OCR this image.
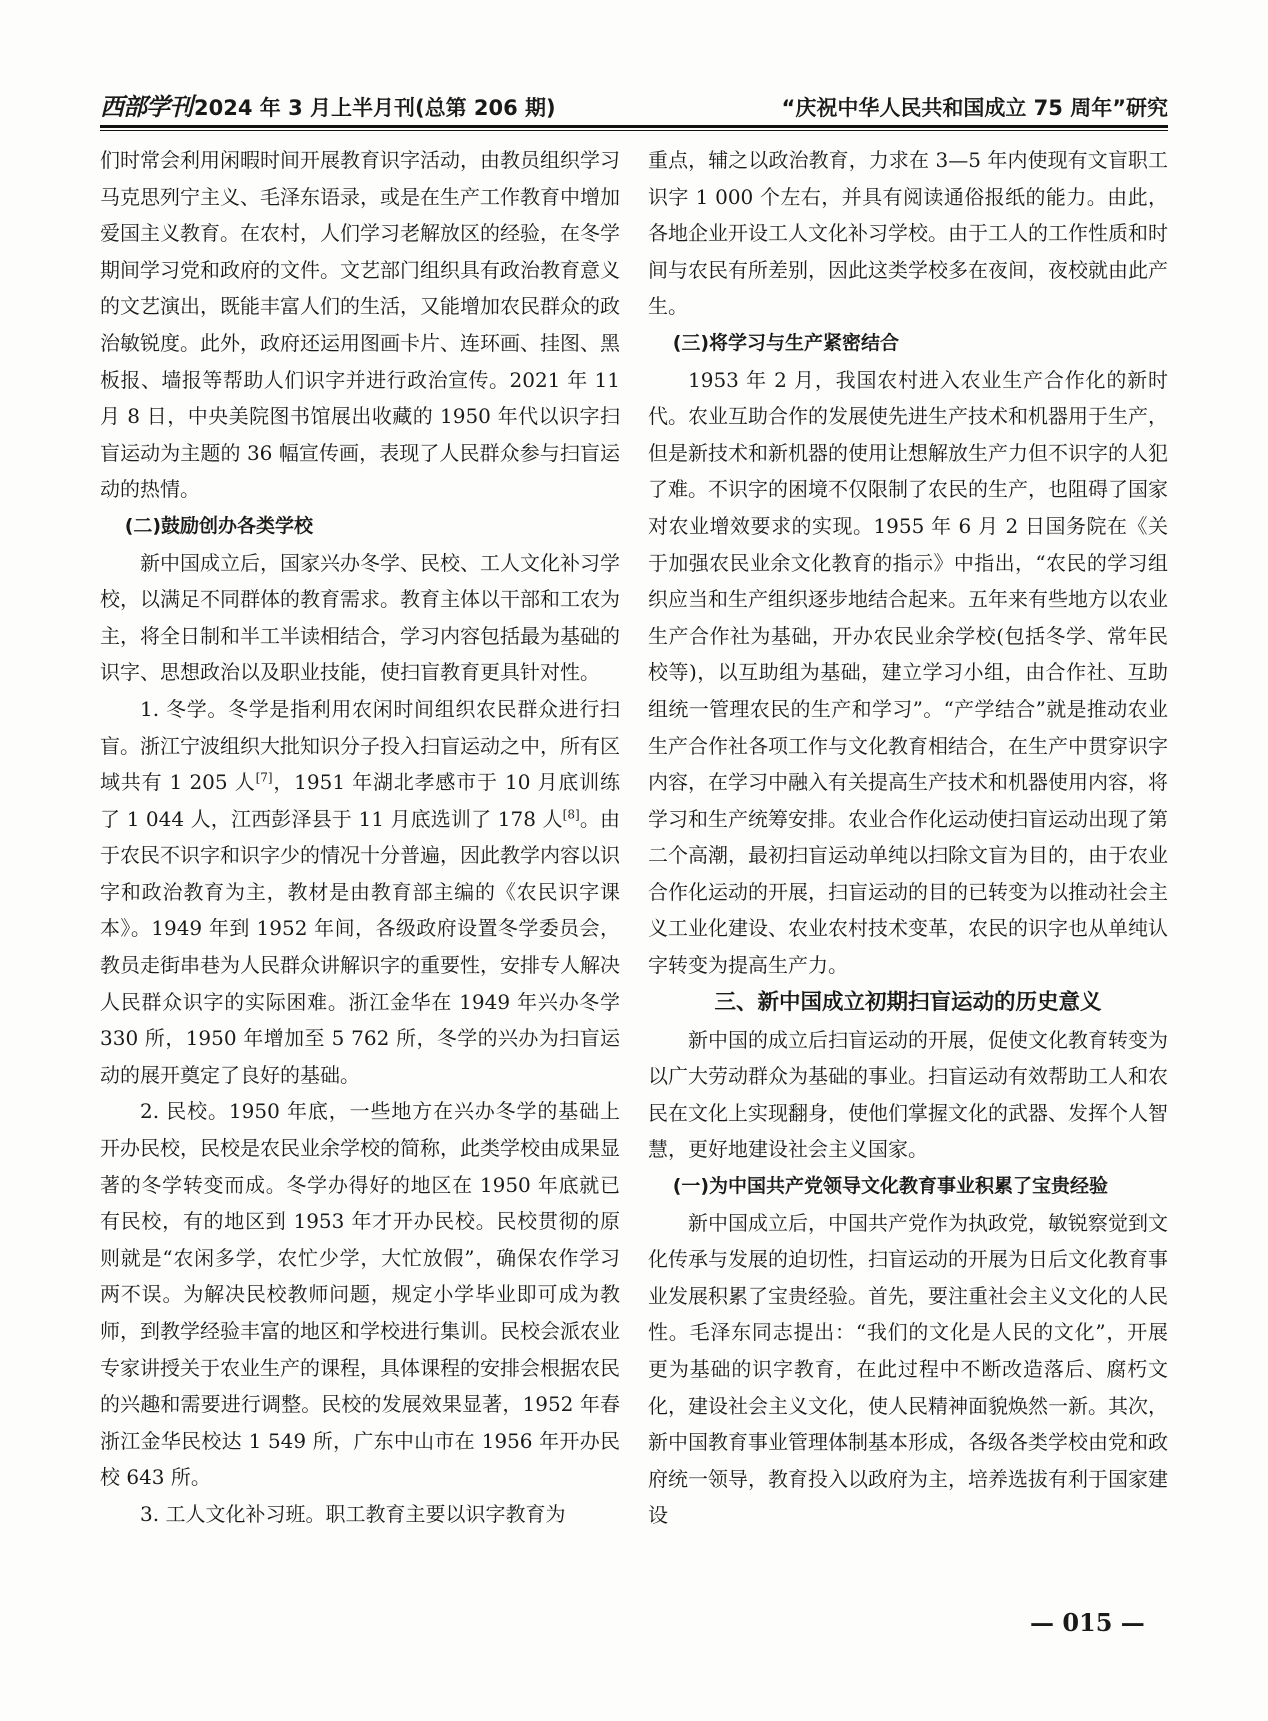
西部学刊 2024 年 3 月上半月刊(总第 206 期)	“庆祝中华人民共和国成立 75 周年”研究

们时常会利用闲暇时间开展教育识字活动，由教员组织学习马克思列宁主义、毛泽东语录，或是在生产工作教育中增加爱国主义教育。在农村，人们学习老解放区的经验，在冬学期间学习党和政府的文件。文艺部门组织具有政治教育意义的文艺演出，既能丰富人们的生活，又能增加农民群众的政治敏锐度。此外，政府还运用图画卡片、连环画、挂图、黑板报、墙报等帮助人们识字并进行政治宣传。2021 年 11 月 8 日，中央美院图书馆展出收藏的 1950 年代以识字扫盲运动为主题的 36 幅宣传画，表现了人民群众参与扫盲运动的热情。

(二)鼓励创办各类学校

新中国成立后，国家兴办冬学、民校、工人文化补习学校，以满足不同群体的教育需求。教育主体以干部和工农为主，将全日制和半工半读相结合，学习内容包括最为基础的识字、思想政治以及职业技能，使扫盲教育更具针对性。

1. 冬学。冬学是指利用农闲时间组织农民群众进行扫盲。浙江宁波组织大批知识分子投入扫盲运动之中，所有区域共有 1 205 人[7]，1951 年湖北孝感市于 10 月底训练了 1 044 人，江西彭泽县于 11 月底选训了 178 人[8]。由于农民不识字和识字少的情况十分普遍，因此教学内容以识字和政治教育为主，教材是由教育部主编的《农民识字课本》。1949 年到 1952 年间，各级政府设置冬学委员会，教员走街串巷为人民群众讲解识字的重要性，安排专人解决人民群众识字的实际困难。浙江金华在 1949 年兴办冬学 330 所，1950 年增加至 5 762 所，冬学的兴办为扫盲运动的展开奠定了良好的基础。

2. 民校。1950 年底，一些地方在兴办冬学的基础上开办民校，民校是农民业余学校的简称，此类学校由成果显著的冬学转变而成。冬学办得好的地区在 1950 年底就已有民校，有的地区到 1953 年才开办民校。民校贯彻的原则就是“农闲多学，农忙少学，大忙放假”，确保农作学习两不误。为解决民校教师问题，规定小学毕业即可成为教师，到教学经验丰富的地区和学校进行集训。民校会派农业专家讲授关于农业生产的课程，具体课程的安排会根据农民的兴趣和需要进行调整。民校的发展效果显著，1952 年春浙江金华民校达 1 549 所，广东中山市在 1956 年开办民校 643 所。

3. 工人文化补习班。职工教育主要以识字教育为

重点，辅之以政治教育，力求在 3—5 年内使现有文盲职工识字 1 000 个左右，并具有阅读通俗报纸的能力。由此，各地企业开设工人文化补习学校。由于工人的工作性质和时间与农民有所差别，因此这类学校多在夜间，夜校就由此产生。

(三)将学习与生产紧密结合

1953 年 2 月，我国农村进入农业生产合作化的新时代。农业互助合作的发展使先进生产技术和机器用于生产，但是新技术和新机器的使用让想解放生产力但不识字的人犯了难。不识字的困境不仅限制了农民的生产，也阻碍了国家对农业增效要求的实现。1955 年 6 月 2 日国务院在《关于加强农民业余文化教育的指示》中指出，“农民的学习组织应当和生产组织逐步地结合起来。五年来有些地方以农业生产合作社为基础，开办农民业余学校(包括冬学、常年民校等)，以互助组为基础，建立学习小组，由合作社、互助组统一管理农民的生产和学习”。“产学结合”就是推动农业生产合作社各项工作与文化教育相结合，在生产中贯穿识字内容，在学习中融入有关提高生产技术和机器使用内容，将学习和生产统筹安排。农业合作化运动使扫盲运动出现了第二个高潮，最初扫盲运动单纯以扫除文盲为目的，由于农业合作化运动的开展，扫盲运动的目的已转变为以推动社会主义工业化建设、农业农村技术变革，农民的识字也从单纯认字转变为提高生产力。

三、新中国成立初期扫盲运动的历史意义

新中国的成立后扫盲运动的开展，促使文化教育转变为以广大劳动群众为基础的事业。扫盲运动有效帮助工人和农民在文化上实现翻身，使他们掌握文化的武器、发挥个人智慧，更好地建设社会主义国家。

(一)为中国共产党领导文化教育事业积累了宝贵经验

新中国成立后，中国共产党作为执政党，敏锐察觉到文化传承与发展的迫切性，扫盲运动的开展为日后文化教育事业发展积累了宝贵经验。首先，要注重社会主义文化的人民性。毛泽东同志提出：“我们的文化是人民的文化”，开展更为基础的识字教育，在此过程中不断改造落后、腐朽文化，建设社会主义文化，使人民精神面貌焕然一新。其次，新中国教育事业管理体制基本形成，各级各类学校由党和政府统一领导，教育投入以政府为主，培养选拔有利于国家建设

— 015 —
